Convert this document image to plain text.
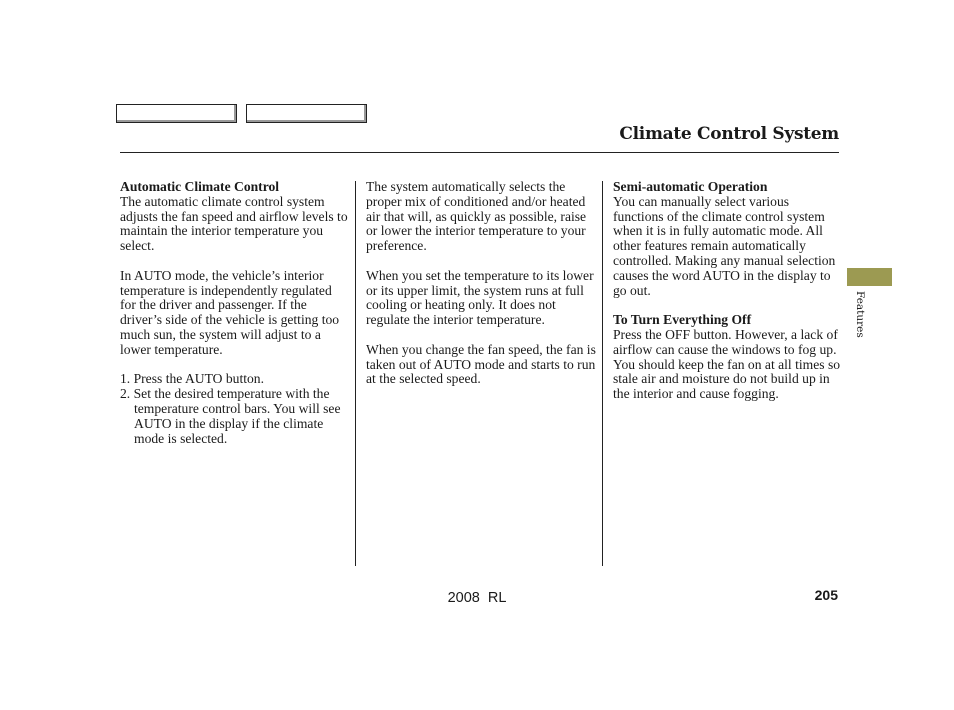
Climate Control System
Automatic Climate Control

The automatic climate control system adjusts the fan speed and airflow levels to maintain the interior temperature you select.

In AUTO mode, the vehicle’s interior temperature is independently regulated for the driver and passenger. If the driver’s side of the vehicle is getting too much sun, the system will adjust to a lower temperature.

1. Press the AUTO button.
2. Set the desired temperature with the temperature control bars. You will see AUTO in the display if the climate mode is selected.

The system automatically selects the proper mix of conditioned and/or heated air that will, as quickly as possible, raise or lower the interior temperature to your preference.

When you set the temperature to its lower or its upper limit, the system runs at full cooling or heating only. It does not regulate the interior temperature.

When you change the fan speed, the fan is taken out of AUTO mode and starts to run at the selected speed.

Semi-automatic Operation

You can manually select various functions of the climate control system when it is in fully automatic mode. All other features remain automatically controlled. Making any manual selection causes the word AUTO in the display to go out.

To Turn Everything Off

Press the OFF button. However, a lack of airflow can cause the windows to fog up. You should keep the fan on at all times so stale air and moisture do not build up in the interior and cause fogging.

Features
2008  RL	205
